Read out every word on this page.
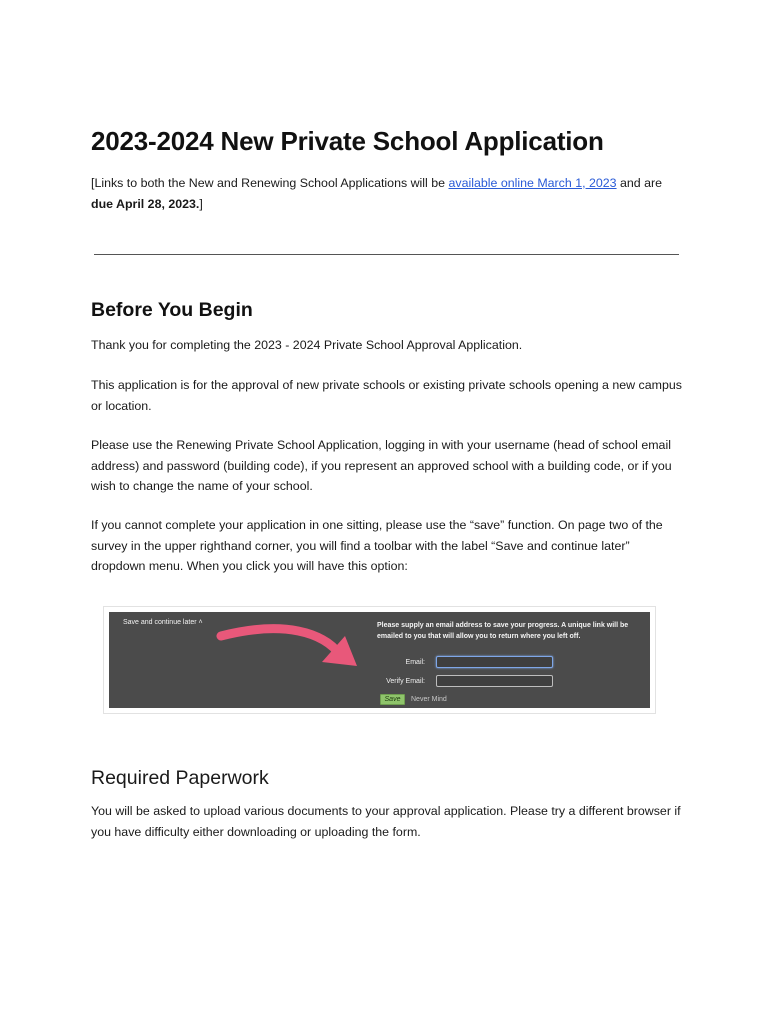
2023-2024 New Private School Application

[Links to both the New and Renewing School Applications will be available online March 1, 2023 and are due April 28, 2023.]

Before You Begin

Thank you for completing the 2023 - 2024 Private School Approval Application.

This application is for the approval of new private schools or existing private schools opening a new campus or location.

Please use the Renewing Private School Application, logging in with your username (head of school email address) and password (building code), if you represent an approved school with a building code, or if you wish to change the name of your school.

If you cannot complete your application in one sitting, please use the “save” function. On page two of the survey in the upper righthand corner, you will find a toolbar with the label “Save and continue later” dropdown menu. When you click you will have this option:

Required Paperwork

You will be asked to upload various documents to your approval application. Please try a different browser if you have difficulty either downloading or uploading the form.

Save and continue later ˄	Please supply an email address to save your progress. A unique link will be emailed to you that will allow you to return where you left off.
Email:
Verify Email:
Save	Never Mind
